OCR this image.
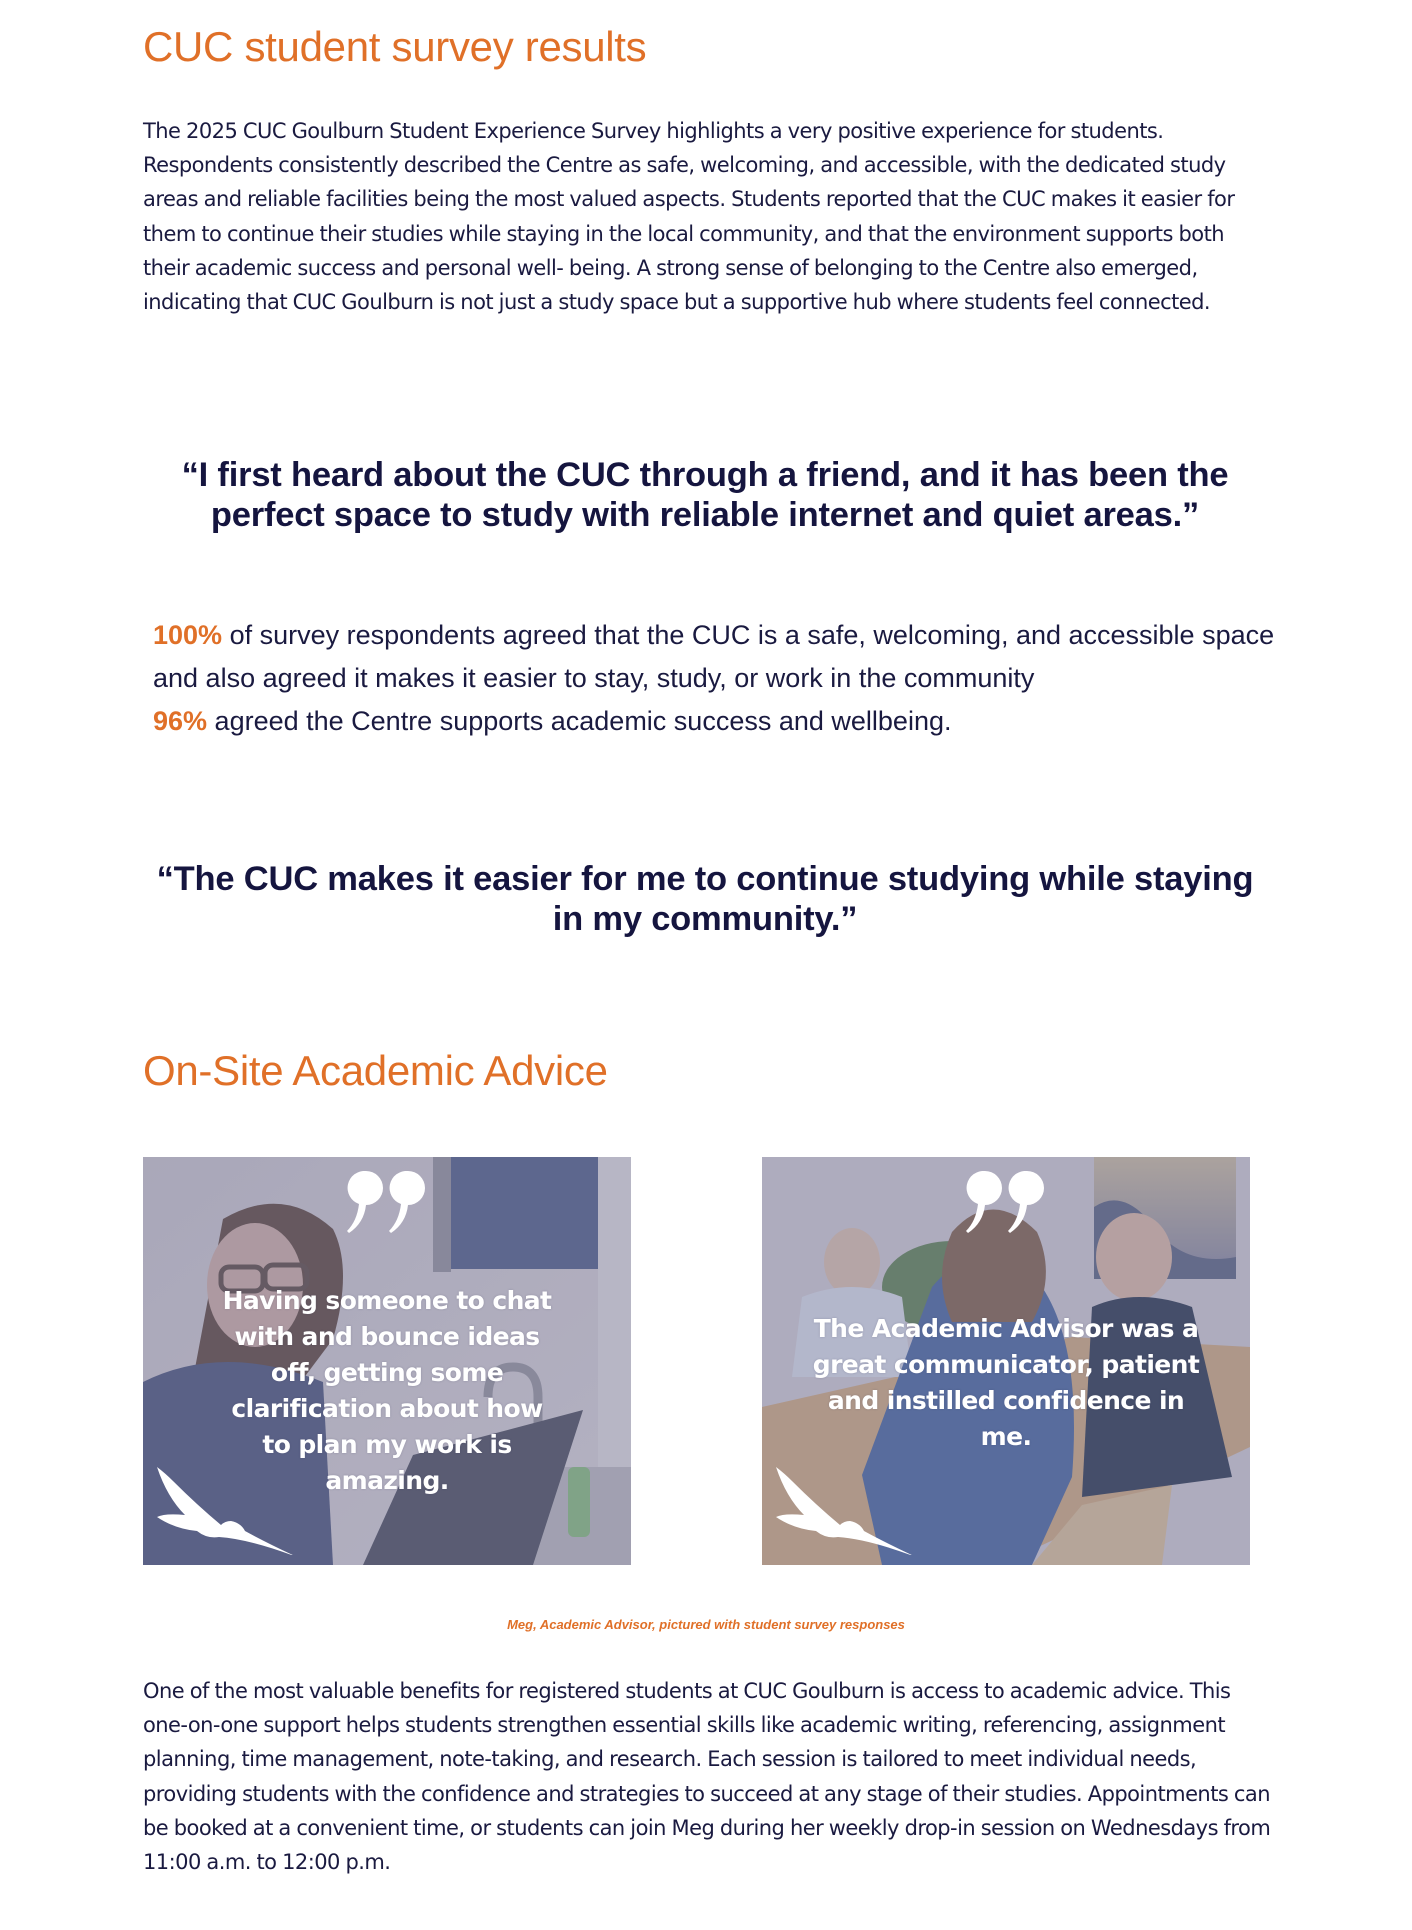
CUC student survey results

The 2025 CUC Goulburn Student Experience Survey highlights a very positive experience for students. Respondents consistently described the Centre as safe, welcoming, and accessible, with the dedicated study areas and reliable facilities being the most valued aspects. Students reported that the CUC makes it easier for them to continue their studies while staying in the local community, and that the environment supports both their academic success and personal well- being. A strong sense of belonging to the Centre also emerged, indicating that CUC Goulburn is not just a study space but a supportive hub where students feel connected.

“I first heard about the CUC through a friend, and it has been the perfect space to study with reliable internet and quiet areas.”
100% of survey respondents agreed that the CUC is a safe, welcoming, and accessible space and also agreed it makes it easier to stay, study, or work in the community
96% agreed the Centre supports academic success and wellbeing.
“The CUC makes it easier for me to continue studying while staying in my community.”
On-Site Academic Advice
Having someone to chat with and bounce ideas off, getting some clarification about how to plan my work is amazing.
The Academic Advisor was a great communicator, patient and instilled confidence in me.
Meg, Academic Advisor, pictured with student survey responses

One of the most valuable benefits for registered students at CUC Goulburn is access to academic advice. This one-on-one support helps students strengthen essential skills like academic writing, referencing, assignment planning, time management, note-taking, and research. Each session is tailored to meet individual needs, providing students with the confidence and strategies to succeed at any stage of their studies. Appointments can be booked at a convenient time, or students can join Meg during her weekly drop-in session on Wednesdays from 11:00 a.m. to 12:00 p.m.
